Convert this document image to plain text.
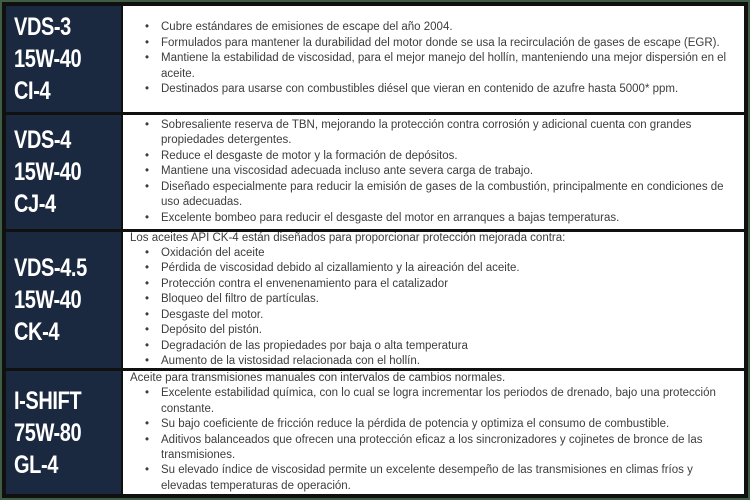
VDS-3
15W-40
CI-4
• Cubre estándares de emisiones de escape del año 2004.
• Formulados para mantener la durabilidad del motor donde se usa la recirculación de gases de escape (EGR).
• Mantiene la estabilidad de viscosidad, para el mejor manejo del hollín, manteniendo una mejor dispersión en el aceite.
• Destinados para usarse con combustibles diésel que vieran en contenido de azufre hasta 5000* ppm.
VDS-4
15W-40
CJ-4
• Sobresaliente reserva de TBN, mejorando la protección contra corrosión y adicional cuenta con grandes propiedades detergentes.
• Reduce el desgaste de motor y la formación de depósitos.
• Mantiene una viscosidad adecuada incluso ante severa carga de trabajo.
• Diseñado especialmente para reducir la emisión de gases de la combustión, principalmente en condiciones de uso adecuadas.
• Excelente bombeo para reducir el desgaste del motor en arranques a bajas temperaturas.
VDS-4.5
15W-40
CK-4

Los aceites API CK-4 están diseñados para proporcionar protección mejorada contra:

• Oxidación del aceite
• Pérdida de viscosidad debido al cizallamiento y la aireación del aceite.
• Protección contra el envenenamiento para el catalizador
• Bloqueo del filtro de partículas.
• Desgaste del motor.
• Depósito del pistón.
• Degradación de las propiedades por baja o alta temperatura
• Aumento de la vistosidad relacionada con el hollín.
I-SHIFT
75W-80
GL-4

Aceite para transmisiones manuales con intervalos de cambios normales.

• Excelente estabilidad química, con lo cual se logra incrementar los periodos de drenado, bajo una protección constante.
• Su bajo coeficiente de fricción reduce la pérdida de potencia y optimiza el consumo de combustible.
• Aditivos balanceados que ofrecen una protección eficaz a los sincronizadores y cojinetes de bronce de las transmisiones.
• Su elevado índice de viscosidad permite un excelente desempeño de las transmisiones en climas fríos y elevadas temperaturas de operación.
